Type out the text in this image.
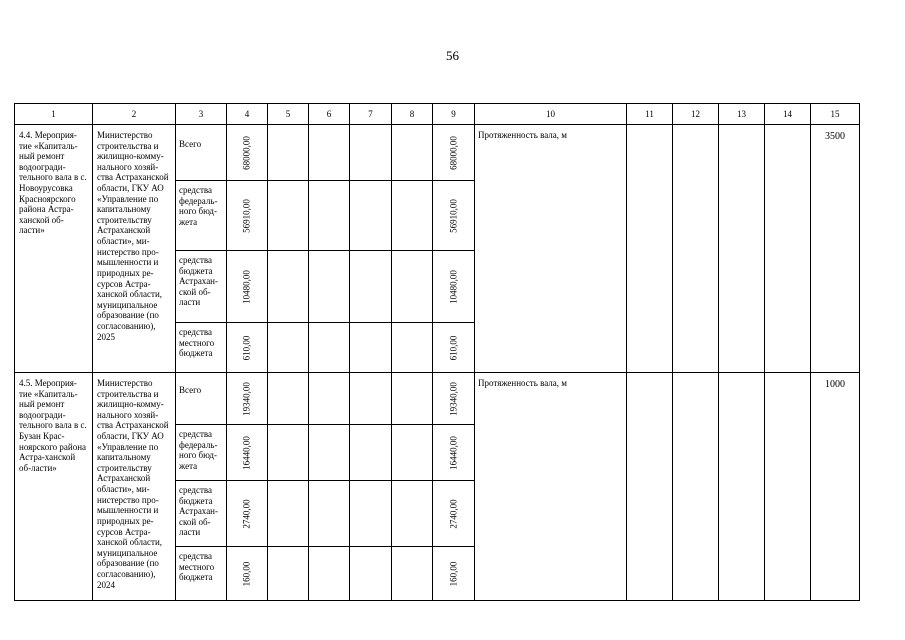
56
1	2	3	4	5	6	7	8	9	10	11	12	13	14	15

4.4. Мероприя-тие «Капиталь-ный ремонт водоогради-тельного вала в с. Новоурусовка Красноярского района Астра-ханской об-ласти»	Министерство строительства и жилищно-комму-нального хозяй-ства Астраханской области, ГКУ АО «Управление по капитальному строительству Астраханской области», ми-нистерство про-мышленности и природных ре-сурсов Астра-ханской области, муниципальное образование (по согласованию), 2025	Всего	68000,00					68000,00	Протяженность вала, м					3500

		средства федераль-ного бюд-жета	56910,00					56910,00						

		средства бюджета Астрахан-ской об-ласти	10480,00					10480,00						

		средства местного бюджета	610,00					610,00						

4.5. Мероприя-тие «Капиталь-ный ремонт водоогради-тельного вала в с. Бузан Крас-ноярского района Астра-ханской об-ласти»	Министерство строительства и жилищно-комму-нального хозяй-ства Астраханской области, ГКУ АО «Управление по капитальному строительству Астраханской области», ми-нистерство про-мышленности и природных ре-сурсов Астра-ханской области, муниципальное образование (по согласованию), 2024	Всего	19340,00					19340,00	Протяженность вала, м					1000

		средства федераль-ного бюд-жета	16440,00					16440,00						

		средства бюджета Астрахан-ской об-ласти	2740,00					2740,00						

		средства местного бюджета	160,00					160,00						
